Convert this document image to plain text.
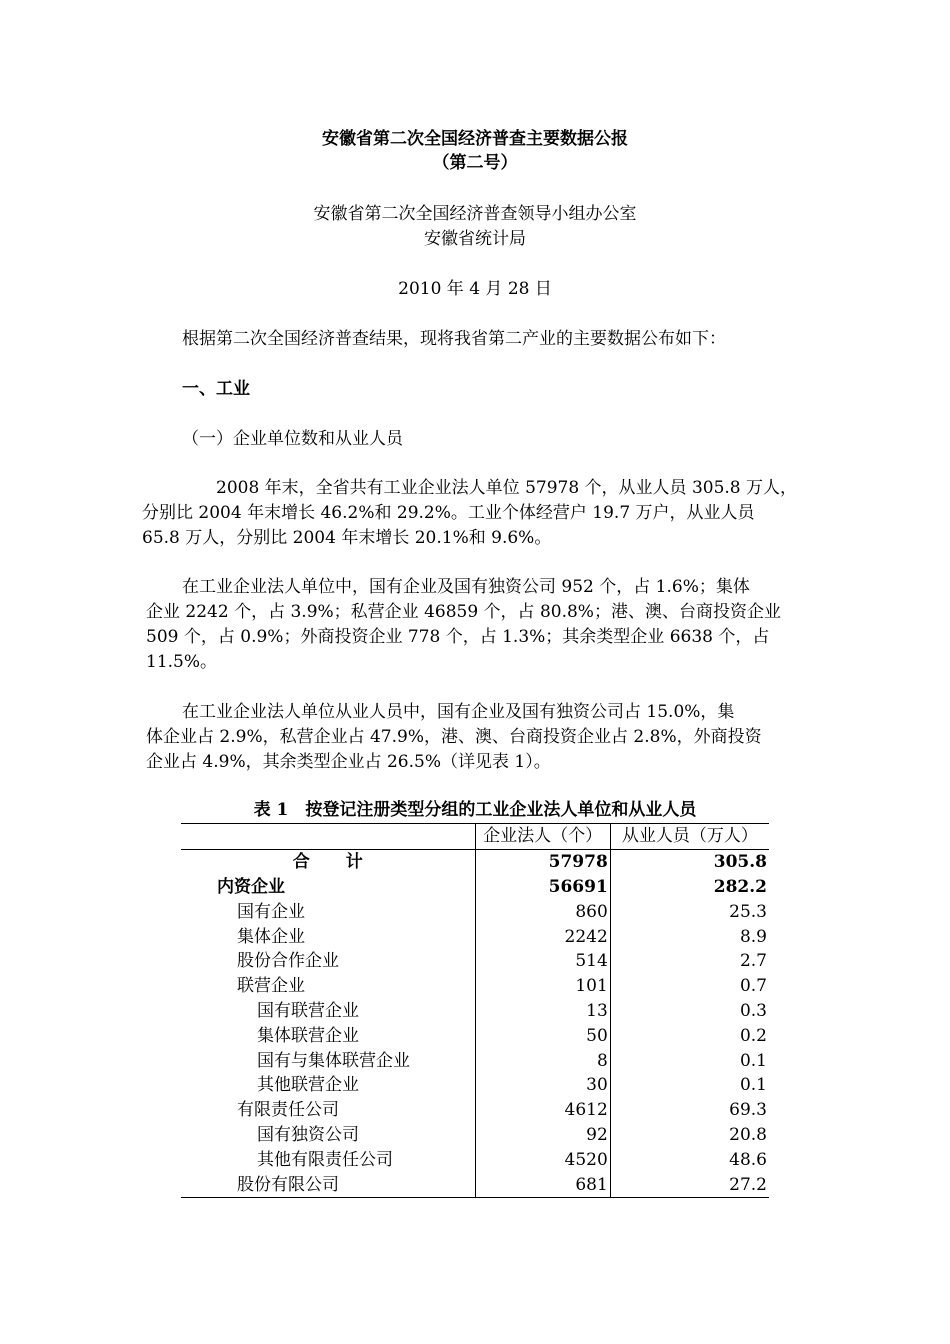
安徽省第二次全国经济普查主要数据公报
（第二号）
安徽省第二次全国经济普查领导小组办公室
安徽省统计局
2010 年 4 月 28 日
根据第二次全国经济普查结果，现将我省第二产业的主要数据公布如下：
一、工业
（一）企业单位数和从业人员
　2008 年末，全省共有工业企业法人单位 57978 个，从业人员 305.8 万人，
分别比 2004 年末增长 46.2%和 29.2%。工业个体经营户 19.7 万户，从业人员
65.8 万人，分别比 2004 年末增长 20.1%和 9.6%。
在工业企业法人单位中，国有企业及国有独资公司 952 个，占 1.6%；集体
企业 2242 个，占 3.9%；私营企业 46859 个，占 80.8%；港、澳、台商投资企业
509 个，占 0.9%；外商投资企业 778 个，占 1.3%；其余类型企业 6638 个，占
11.5%。
在工业企业法人单位从业人员中，国有企业及国有独资公司占 15.0%，集
体企业占 2.9%，私营企业占 47.9%，港、澳、台商投资企业占 2.8%，外商投资
企业占 4.9%，其余类型企业占 26.5%（详见表 1）。
表 1　按登记注册类型分组的工业企业法人单位和从业人员
	企业法人（个）	从业人员（万人）
合 计	57978	305.8
内资企业	56691	282.2
国有企业	860	25.3
集体企业	2242	8.9
股份合作企业	514	2.7
联营企业	101	0.7
国有联营企业	13	0.3
集体联营企业	50	0.2
国有与集体联营企业	8	0.1
其他联营企业	30	0.1
有限责任公司	4612	69.3
国有独资公司	92	20.8
其他有限责任公司	4520	48.6
股份有限公司	681	27.2
